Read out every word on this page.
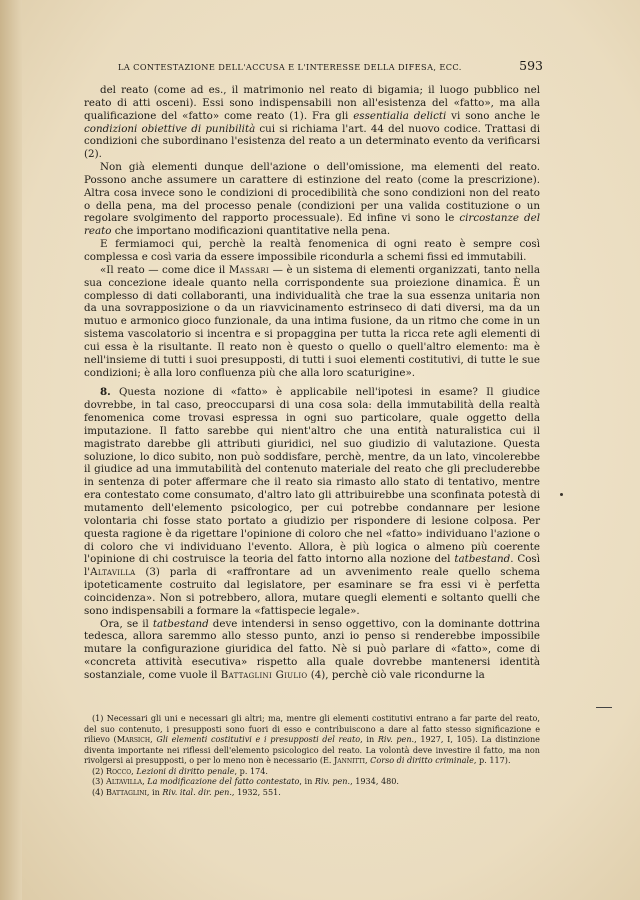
LA CONTESTAZIONE DELL'ACCUSA E L'INTERESSE DELLA DIFESA, ECC.	593

del reato (come ad es., il matrimonio nel reato di bigamia; il luogo pubblico nel reato di atti osceni). Essi sono indispensabili non all'esistenza del «fatto», ma alla qualificazione del «fatto» come reato (1). Fra gli essentialia delicti vi sono anche le condizioni obiettive di punibilità cui si richiama l'art. 44 del nuovo codice. Trattasi di condizioni che subordinano l'esistenza del reato a un determinato evento da verificarsi (2).

Non già elementi dunque dell'azione o dell'omissione, ma elementi del reato. Possono anche assumere un carattere di estinzione del reato (come la prescrizione). Altra cosa invece sono le condizioni di procedibilità che sono condizioni non del reato o della pena, ma del processo penale (condizioni per una valida costituzione o un regolare svolgimento del rapporto processuale). Ed infine vi sono le circostanze del reato che importano modificazioni quantitative nella pena.

E fermiamoci qui, perchè la realtà fenomenica di ogni reato è sempre così complessa e così varia da essere impossibile ricondurla a schemi fissi ed immutabili.

«Il reato — come dice il Massari — è un sistema di elementi organizzati, tanto nella sua concezione ideale quanto nella corrispondente sua proiezione dinamica. È un complesso di dati collaboranti, una individualità che trae la sua essenza unitaria non da una sovrapposizione o da un riavvicinamento estrinseco di dati diversi, ma da un mutuo e armonico gioco funzionale, da una intima fusione, da un ritmo che come in un sistema vascolatorio si incentra e si propaggina per tutta la ricca rete agli elementi di cui essa è la risultante. Il reato non è questo o quello o quell'altro elemento: ma è nell'insieme di tutti i suoi presupposti, di tutti i suoi elementi costitutivi, di tutte le sue condizioni; è alla loro confluenza più che alla loro scaturigine».

8. Questa nozione di «fatto» è applicabile nell'ipotesi in esame? Il giudice dovrebbe, in tal caso, preoccuparsi di una cosa sola: della immutabilità della realtà fenomenica come trovasi espressa in ogni suo particolare, quale oggetto della imputazione. Il fatto sarebbe qui nient'altro che una entità naturalistica cui il magistrato darebbe gli attributi giuridici, nel suo giudizio di valutazione. Questa soluzione, lo dico subito, non può soddisfare, perchè, mentre, da un lato, vincolerebbe il giudice ad una immutabilità del contenuto materiale del reato che gli precluderebbe in sentenza di poter affermare che il reato sia rimasto allo stato di tentativo, mentre era contestato come consumato, d'altro lato gli attribuirebbe una sconfinata potestà di mutamento dell'elemento psicologico, per cui potrebbe condannare per lesione volontaria chi fosse stato portato a giudizio per rispondere di lesione colposa. Per questa ragione è da rigettare l'opinione di coloro che nel «fatto» individuano l'azione o di coloro che vi individuano l'evento. Allora, è più logica o almeno più coerente l'opinione di chi costruisce la teoria del fatto intorno alla nozione del tatbestand. Così l'Altavilla (3) parla di «raffrontare ad un avvenimento reale quello schema ipoteticamente costruito dal legislatore, per esaminare se fra essi vi è perfetta coincidenza». Non si potrebbero, allora, mutare quegli elementi e soltanto quelli che sono indispensabili a formare la «fattispecie legale».

Ora, se il tatbestand deve intendersi in senso oggettivo, con la dominante dottrina tedesca, allora saremmo allo stesso punto, anzi io penso si renderebbe impossibile mutare la configurazione giuridica del fatto. Nè si può parlare di «fatto», come di «concreta attività esecutiva» rispetto alla quale dovrebbe mantenersi identità sostanziale, come vuole il Battaglini Giulio (4), perchè ciò vale ricondurne la

(1) Necessari gli uni e necessari gli altri; ma, mentre gli elementi costitutivi entrano a far parte del reato, del suo contenuto, i presupposti sono fuori di esso e contribuiscono a dare al fatto stesso significazione e rilievo (Marsich, Gli elementi costitutivi e i presupposti del reato, in Riv. pen., 1927, I, 105). La distinzione diventa importante nei riflessi dell'elemento psicologico del reato. La volontà deve investire il fatto, ma non rivolgersi ai presupposti, o per lo meno non è necessario (E. Jannitti, Corso di diritto criminale, p. 117).

(2) Rocco, Lezioni di diritto penale, p. 174.

(3) Altavilla, La modificazione del fatto contestato, in Riv. pen., 1934, 480.

(4) Battaglini, in Riv. ital. dir. pen., 1932, 551.
